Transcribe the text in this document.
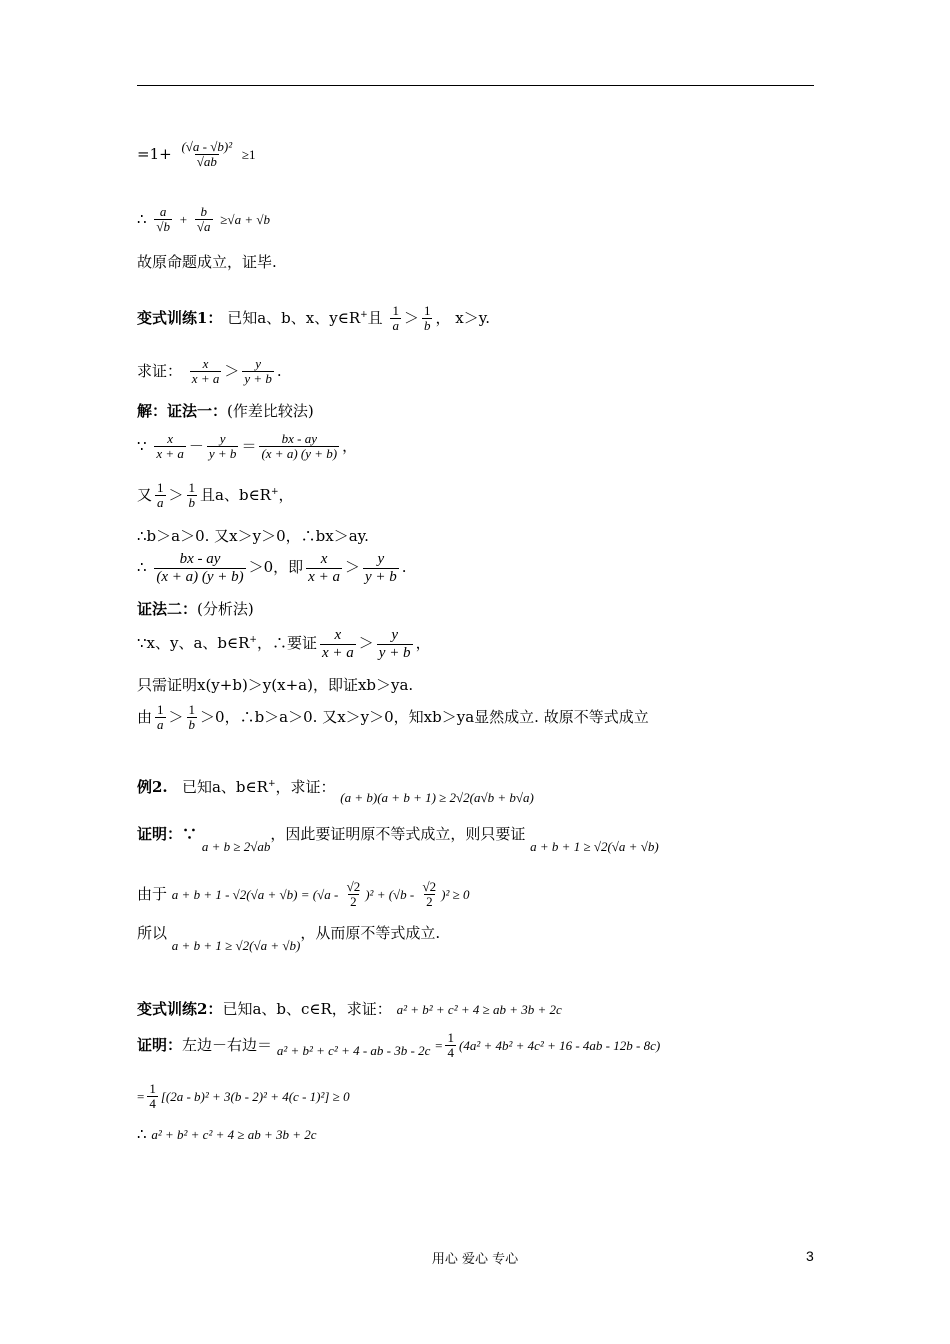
$=1+ \frac{\text{(√a - √b)²}}{√ab} \ge 1$
∴ $\frac{a}{√b} + \frac{b}{√a} \ge√a + √b$
故原命题成立，证毕.
变式训练1： 已知a、b、x、y∈R+且 $\frac{1}{a} > \frac{1}{b}$ ， x＞y.
求证： $\frac{x}{x + a} > \frac{y}{y + b}$ .
解：证法一：(作差比较法)
∵ $\frac{x}{x + a} - \frac{y}{y + b} = \frac{bx - ay}{(x + a) (y + b)}$ ，
又 $\frac{1}{a} > \frac{1}{b}$ 且a、b∈R+，
∴b＞a＞0. 又x＞y＞0，∴bx＞ay.
∴ $\frac{bx - ay}{(x + a) (y + b)} >0$，即 $\frac{x}{x + a} > \frac{y}{y + b}$ .
证法二：(分析法)
∵x、y、a、b∈R+，∴要证 $\frac{x}{x + a} > \frac{y}{y + b}$ ，
只需证明x(y+b)＞y(x+a)，即证xb＞ya.
由 $\frac{1}{a} > \frac{1}{b} >0$，∴b＞a＞0. 又x＞y＞0，知xb＞ya显然成立. 故原不等式成立
例2. 已知a、b∈R+，求证： (a + b)(a + b + 1) ≥ 2√2(a√b + b√a)
证明：∵ a + b ≥ 2√ab，因此要证明原不等式成立，则只要证 a + b + 1 ≥ √2(√a + √b)
由于 $a + b + 1 - √2(√a + √b) = (√a - \frac{√2}{2} )^2 + (√b - \frac{√2}{2} )^2 \ge 0$
所以 a + b + 1 ≥ √2(√a + √b)，从而原不等式成立.
变式训练2：已知a、b、c∈R，求证： a² + b² + c² + 4 ≥ ab + 3b + 2c
证明：左边－右边＝ a² + b² + c² + 4 - ab - $3b - 2c = \frac{1}{4} (4a^2 + 4b^2 + 4c^2 + 16 - 4ab - 12b - 8c)$
= $\frac{1}{4} [(2a - b)^2 + 3(b - 2)^2 + 4(c - 1)^2] \ge 0$
∴ a² + b² + c² + 4 ≥ ab + 3b + 2c
用心 爱心 专心	3
